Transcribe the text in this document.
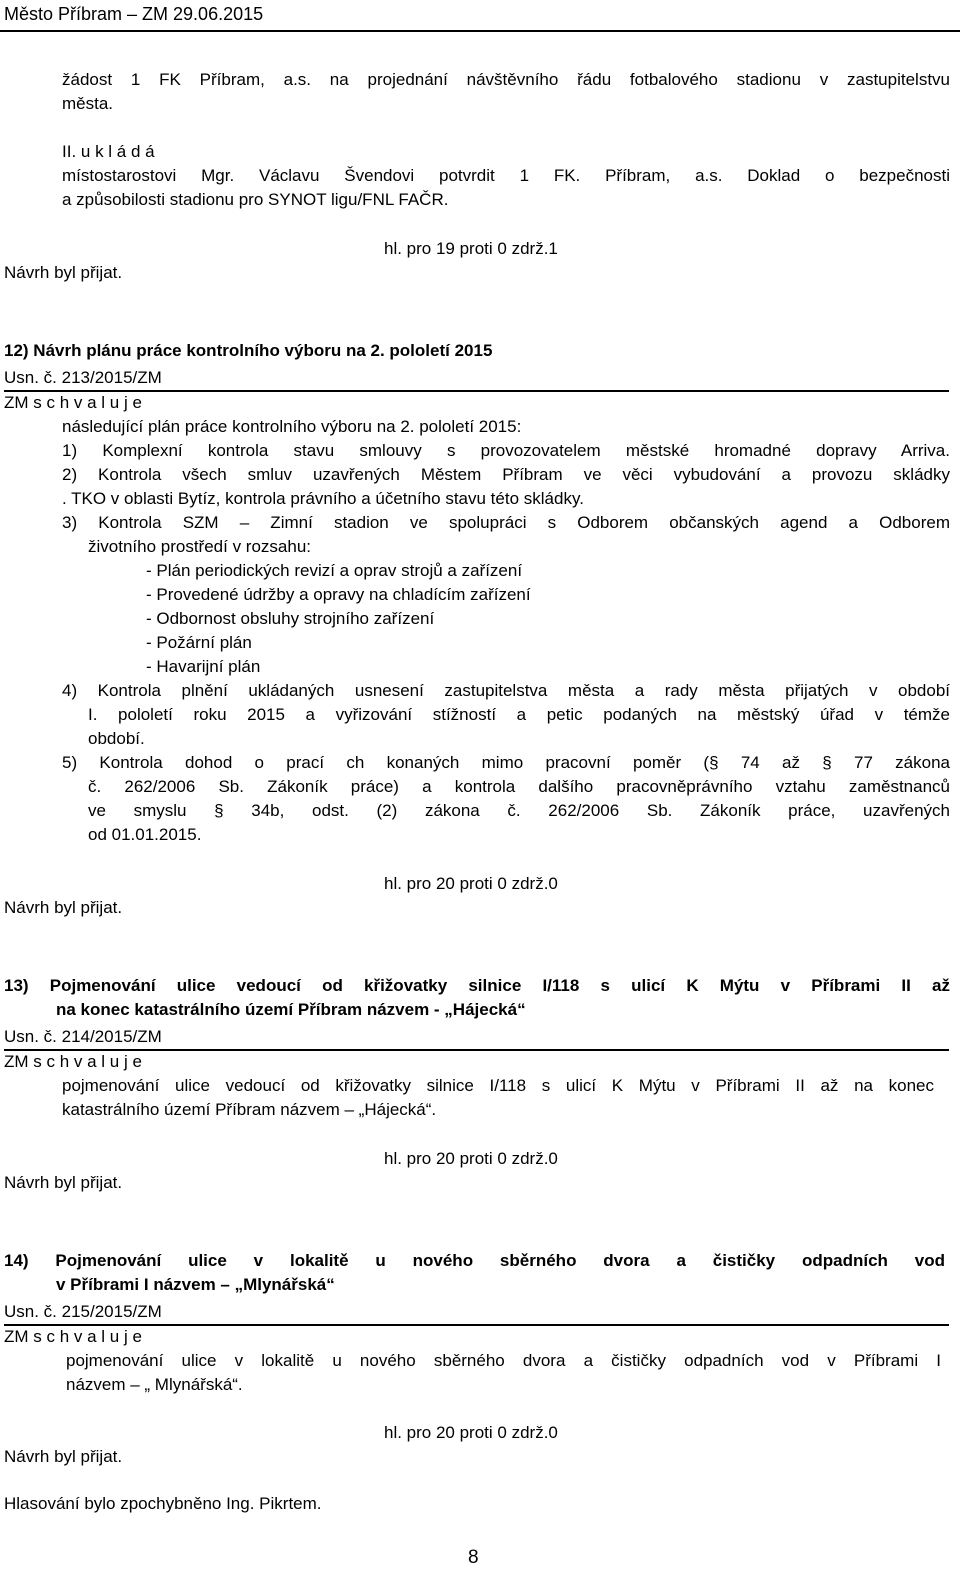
Město Příbram – ZM 29.06.2015
žádost 1 FK Příbram, a.s. na projednání návštěvního řádu fotbalového stadionu v zastupitelstvu
města.
II. u k l á d á
místostarostovi Mgr. Václavu Švendovi potvrdit 1 FK. Příbram, a.s. Doklad o bezpečnosti
a způsobilosti stadionu pro SYNOT ligu/FNL FAČR.
hl. pro 19 proti 0 zdrž.1
Návrh byl přijat.
12) Návrh plánu práce kontrolního výboru na 2. pololetí 2015
Usn. č. 213/2015/ZM
ZM s c h v a l u j e
následující plán práce kontrolního výboru na 2. pololetí 2015:
1) Komplexní kontrola stavu smlouvy s provozovatelem městské hromadné dopravy Arriva.
2) Kontrola všech smluv uzavřených Městem Příbram ve věci vybudování a provozu skládky
. TKO v oblasti Bytíz, kontrola právního a účetního stavu této skládky.
3) Kontrola SZM – Zimní stadion ve spolupráci s Odborem občanských agend a Odborem
životního prostředí v rozsahu:
- Plán periodických revizí a oprav strojů a zařízení
- Provedené údržby a opravy na chladícím zařízení
- Odbornost obsluhy strojního zařízení
- Požární plán
- Havarijní plán
4) Kontrola plnění ukládaných usnesení zastupitelstva města a rady města přijatých v období
I. pololetí roku 2015 a vyřizování stížností a petic podaných na městský úřad v témže
období.
5) Kontrola dohod o prací ch konaných mimo pracovní poměr (§ 74 až § 77 zákona
č. 262/2006 Sb. Zákoník práce) a kontrola dalšího pracovněprávního vztahu zaměstnanců
ve smyslu § 34b, odst. (2) zákona č. 262/2006 Sb. Zákoník práce, uzavřených
od 01.01.2015.
hl. pro 20 proti 0 zdrž.0
Návrh byl přijat.
13) Pojmenování ulice vedoucí od křižovatky silnice I/118 s ulicí K Mýtu v Příbrami II až
na konec katastrálního území Příbram názvem - „Hájecká“
Usn. č. 214/2015/ZM
ZM s c h v a l u j e
pojmenování ulice vedoucí od křižovatky silnice I/118 s ulicí K Mýtu v Příbrami II až na konec
katastrálního území Příbram názvem – „Hájecká“.
hl. pro 20 proti 0 zdrž.0
Návrh byl přijat.
14) Pojmenování ulice v lokalitě u nového sběrného dvora a čističky odpadních vod
v Příbrami I názvem – „Mlynářská“
Usn. č. 215/2015/ZM
ZM s c h v a l u j e
pojmenování ulice v lokalitě u nového sběrného dvora a čističky odpadních vod v Příbrami I
názvem – „ Mlynářská“.
hl. pro 20 proti 0 zdrž.0
Návrh byl přijat.
Hlasování bylo zpochybněno Ing. Pikrtem.
8
